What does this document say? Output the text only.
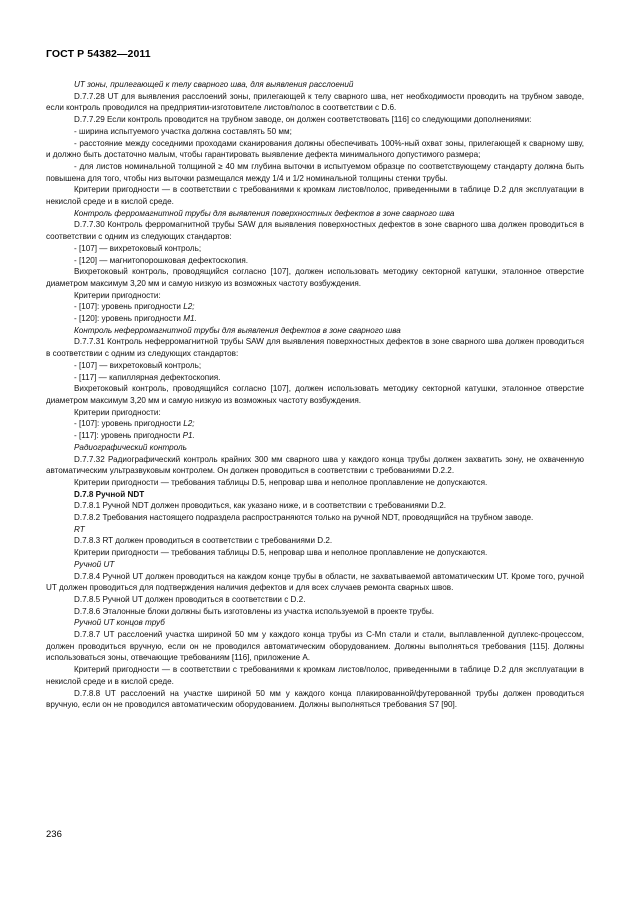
ГОСТ Р 54382—2011

UT зоны, прилегающей к телу сварного шва, для выявления расслоений

D.7.7.28 UT для выявления расслоений зоны, прилегающей к телу сварного шва, нет необходимости проводить на трубном заводе, если контроль проводился на предприятии-изготовителе листов/полос в соответствии с D.6.

D.7.7.29 Если контроль проводится на трубном заводе, он должен соответствовать [116] со следующими дополнениями:

- ширина испытуемого участка должна составлять 50 мм;

- расстояние между соседними проходами сканирования должны обеспечивать 100%-ный охват зоны, прилегающей к сварному шву, и должно быть достаточно малым, чтобы гарантировать выявление дефекта минимального допустимого размера;

- для листов номинальной толщиной ≥ 40 мм глубина выточки в испытуемом образце по соответствующему стандарту должна быть повышена для того, чтобы низ выточки размещался между 1/4 и 1/2 номинальной толщины стенки трубы.

Критерии пригодности — в соответствии с требованиями к кромкам листов/полос, приведенными в таблице D.2 для эксплуатации в некислой среде и в кислой среде.

Контроль ферромагнитной трубы для выявления поверхностных дефектов в зоне сварного шва

D.7.7.30 Контроль ферромагнитной трубы SAW для выявления поверхностных дефектов в зоне сварного шва должен проводиться в соответствии с одним из следующих стандартов:

- [107] — вихретоковый контроль;

- [120] — магнитопорошковая дефектоскопия.

Вихретоковый контроль, проводящийся согласно [107], должен использовать методику секторной катушки, эталонное отверстие диаметром максимум 3,20 мм и самую низкую из возможных частоту возбуждения.

Критерии пригодности:

- [107]: уровень пригодности L2;

- [120]: уровень пригодности M1.

Контроль неферромагнитной трубы для выявления дефектов в зоне сварного шва

D.7.7.31 Контроль неферромагнитной трубы SAW для выявления поверхностных дефектов в зоне сварного шва должен проводиться в соответствии с одним из следующих стандартов:

- [107] — вихретоковый контроль;

- [117] — капиллярная дефектоскопия.

Вихретоковый контроль, проводящийся согласно [107], должен использовать методику секторной катушки, эталонное отверстие диаметром максимум 3,20 мм и самую низкую из возможных частоту возбуждения.

Критерии пригодности:

- [107]: уровень пригодности L2;

- [117]: уровень пригодности P1.

Радиографический контроль

D.7.7.32 Радиографический контроль крайних 300 мм сварного шва у каждого конца трубы должен захватить зону, не охваченную автоматическим ультразвуковым контролем. Он должен проводиться в соответствии с требованиями D.2.2.

Критерии пригодности — требования таблицы D.5, непровар шва и неполное проплавление не допускаются.

D.7.8 Ручной NDT

D.7.8.1 Ручной NDT должен проводиться, как указано ниже, и в соответствии с требованиями D.2.

D.7.8.2 Требования настоящего подраздела распространяются только на ручной NDT, проводящийся на трубном заводе.

RT

D.7.8.3 RT должен проводиться в соответствии с требованиями D.2.

Критерии пригодности — требования таблицы D.5, непровар шва и неполное проплавление не допускаются.

Ручной UT

D.7.8.4 Ручной UT должен проводиться на каждом конце трубы в области, не захватываемой автоматическим UT. Кроме того, ручной UT должен проводиться для подтверждения наличия дефектов и для всех случаев ремонта сварных швов.

D.7.8.5 Ручной UT должен проводиться в соответствии с D.2.

D.7.8.6 Эталонные блоки должны быть изготовлены из участка используемой в проекте трубы.

Ручной UT концов труб

D.7.8.7 UT расслоений участка шириной 50 мм у каждого конца трубы из C-Mn стали и стали, выплавленной дуплекс-процессом, должен проводиться вручную, если он не проводился автоматическим оборудованием. Должны выполняться требования [115]. Должны использоваться зоны, отвечающие требованиям [116], приложение A.

Критерий пригодности — в соответствии с требованиями к кромкам листов/полос, приведенными в таблице D.2 для эксплуатации в некислой среде и в кислой среде.

D.7.8.8 UT расслоений на участке шириной 50 мм у каждого конца плакированной/футерованной трубы должен проводиться вручную, если он не проводился автоматическим оборудованием. Должны выполняться требования S7 [90].

236
